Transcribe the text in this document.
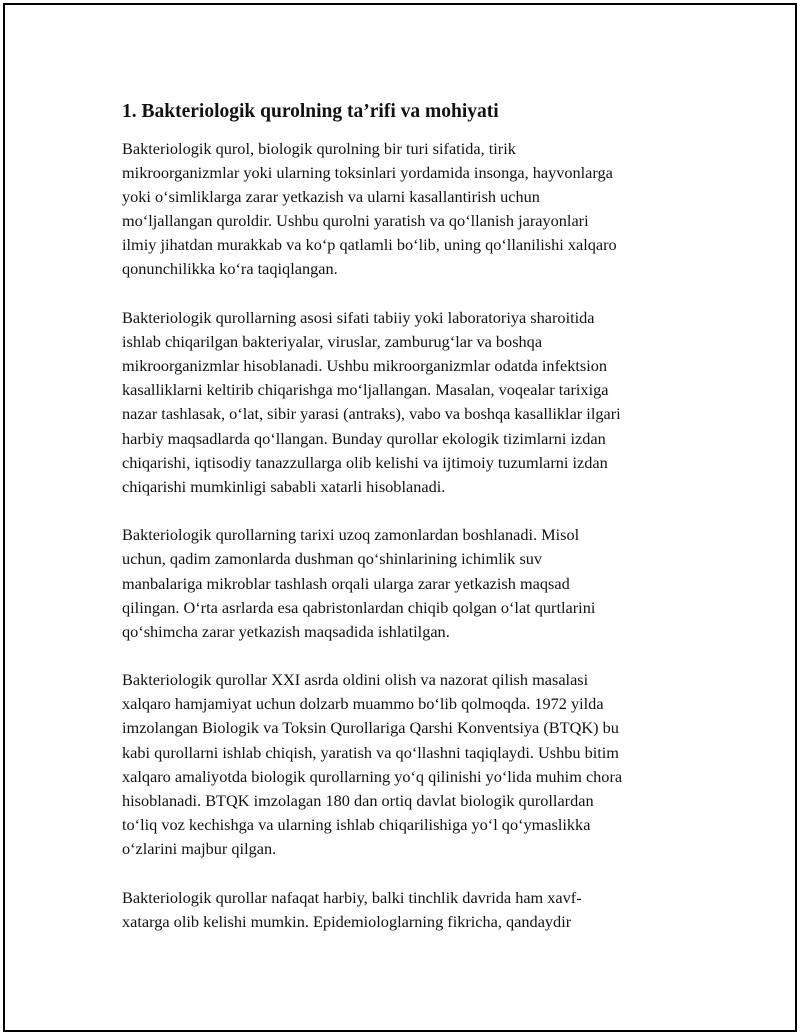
1. Bakteriologik qurolning ta’rifi va mohiyati

Bakteriologik qurol, biologik qurolning bir turi sifatida, tirik
mikroorganizmlar yoki ularning toksinlari yordamida insonga, hayvonlarga
yoki oʻsimliklarga zarar yetkazish va ularni kasallantirish uchun
moʻljallangan quroldir. Ushbu qurolni yaratish va qoʻllanish jarayonlari
ilmiy jihatdan murakkab va koʻp qatlamli boʻlib, uning qoʻllanilishi xalqaro
qonunchilikka koʻra taqiqlangan.

Bakteriologik qurollarning asosi sifati tabiiy yoki laboratoriya sharoitida
ishlab chiqarilgan bakteriyalar, viruslar, zamburugʻlar va boshqa
mikroorganizmlar hisoblanadi. Ushbu mikroorganizmlar odatda infektsion
kasalliklarni keltirib chiqarishga moʻljallangan. Masalan, voqealar tarixiga
nazar tashlasak, oʻlat, sibir yarasi (antraks), vabo va boshqa kasalliklar ilgari
harbiy maqsadlarda qoʻllangan. Bunday qurollar ekologik tizimlarni izdan
chiqarishi, iqtisodiy tanazzullarga olib kelishi va ijtimoiy tuzumlarni izdan
chiqarishi mumkinligi sababli xatarli hisoblanadi.

Bakteriologik qurollarning tarixi uzoq zamonlardan boshlanadi. Misol
uchun, qadim zamonlarda dushman qoʻshinlarining ichimlik suv
manbalariga mikroblar tashlash orqali ularga zarar yetkazish maqsad
qilingan. Oʻrta asrlarda esa qabristonlardan chiqib qolgan oʻlat qurtlarini
qoʻshimcha zarar yetkazish maqsadida ishlatilgan.

Bakteriologik qurollar XXI asrda oldini olish va nazorat qilish masalasi
xalqaro hamjamiyat uchun dolzarb muammo boʻlib qolmoqda. 1972 yilda
imzolangan Biologik va Toksin Qurollariga Qarshi Konventsiya (BTQK) bu
kabi qurollarni ishlab chiqish, yaratish va qoʻllashni taqiqlaydi. Ushbu bitim
xalqaro amaliyotda biologik qurollarning yoʻq qilinishi yoʻlida muhim chora
hisoblanadi. BTQK imzolagan 180 dan ortiq davlat biologik qurollardan
toʻliq voz kechishga va ularning ishlab chiqarilishiga yoʻl qoʻymaslikka
oʻzlarini majbur qilgan.

Bakteriologik qurollar nafaqat harbiy, balki tinchlik davrida ham xavf-
xatarga olib kelishi mumkin. Epidemiologlarning fikricha, qandaydir
